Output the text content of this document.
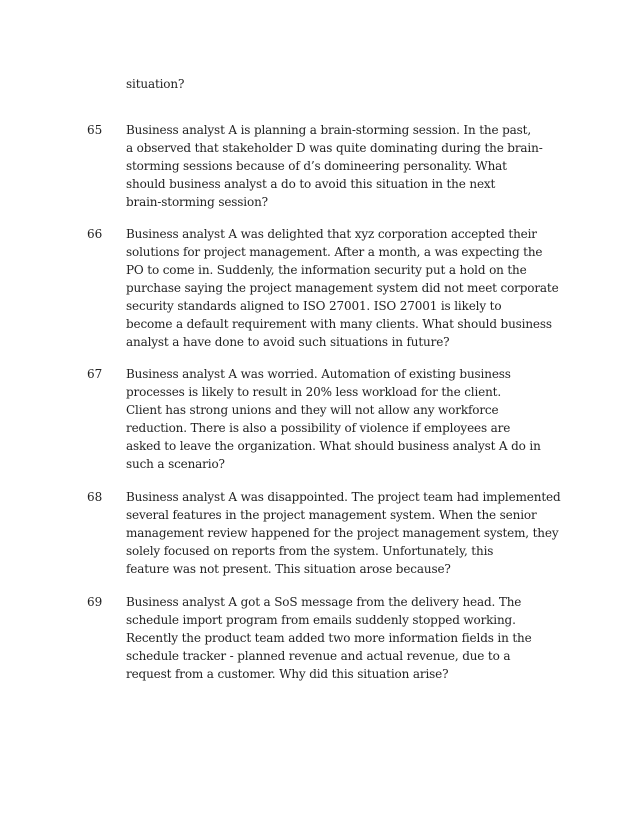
situation?
65 Business analyst A is planning a brain-storming session. In the past,
a observed that stakeholder D was quite dominating during the brain-
storming sessions because of d’s domineering personality. What
should business analyst a do to avoid this situation in the next
brain-storming session?
66 Business analyst A was delighted that xyz corporation accepted their
solutions for project management. After a month, a was expecting the
PO to come in. Suddenly, the information security put a hold on the
purchase saying the project management system did not meet corporate
security standards aligned to ISO 27001. ISO 27001 is likely to
become a default requirement with many clients. What should business
analyst a have done to avoid such situations in future?
67 Business analyst A was worried. Automation of existing business
processes is likely to result in 20% less workload for the client.
Client has strong unions and they will not allow any workforce
reduction. There is also a possibility of violence if employees are
asked to leave the organization. What should business analyst A do in
such a scenario?
68 Business analyst A was disappointed. The project team had implemented
several features in the project management system. When the senior
management review happened for the project management system, they
solely focused on reports from the system. Unfortunately, this
feature was not present. This situation arose because?
69 Business analyst A got a SoS message from the delivery head. The
schedule import program from emails suddenly stopped working.
Recently the product team added two more information fields in the
schedule tracker - planned revenue and actual revenue, due to a
request from a customer. Why did this situation arise?
